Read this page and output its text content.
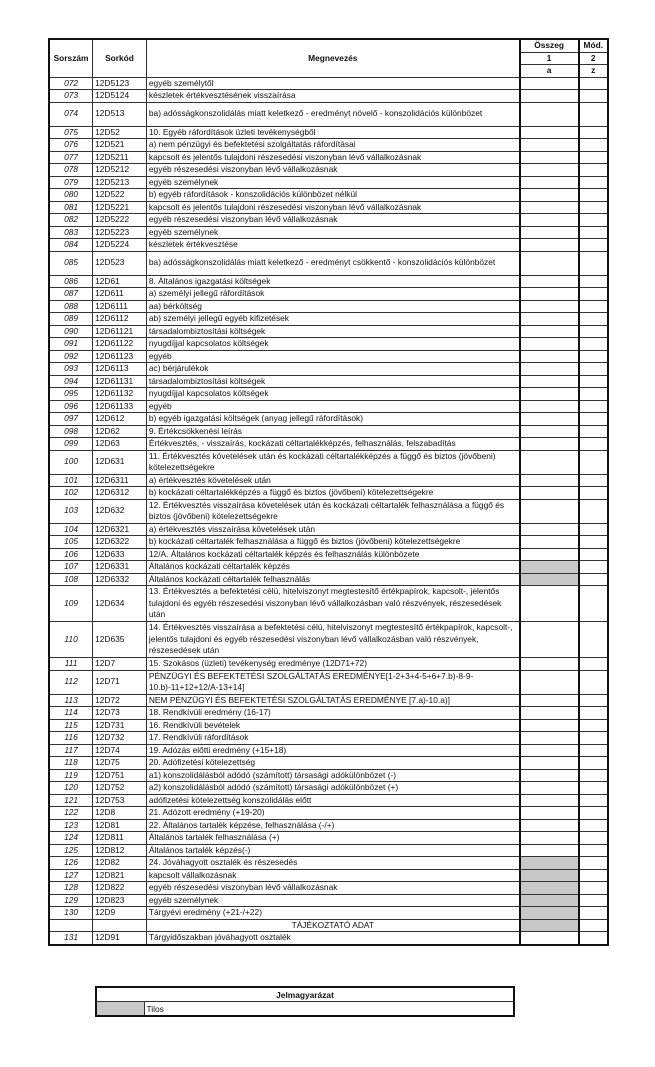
Sorszám	Sorkód	Megnevezés	Összeg	Mód.
			1	2
			a	z
072	12D5123	egyéb személytől		
073	12D5124	készletek értékvesztésének visszaírása		
074	12D513	ba) adósságkonszolidálás miatt keletkező - eredményt növelő - konszolidációs különbözet		
075	12D52	10. Egyéb ráfordítások üzleti tevékenységből		
076	12D521	a) nem pénzügyi és befektetési szolgáltatás ráfordításai		
077	12D5211	kapcsolt és jelentős tulajdoni részesedési viszonyban lévő vállalkozásnak		
078	12D5212	egyéb részesedési viszonyban lévő vállalkozásnak		
079	12D5213	egyéb személynek		
080	12D522	b) egyéb ráfordítások - konszolidációs különbözet nélkül		
081	12D5221	kapcsolt és jelentős tulajdoni részesedési viszonyban lévő vállalkozásnak		
082	12D5222	egyéb részesedési viszonyban lévő vállalkozásnak		
083	12D5223	egyéb személynek		
084	12D5224	készletek értékvesztése		
085	12D523	ba) adósságkonszolidálás miatt keletkező - eredményt csökkentő - konszolidációs különbözet		
086	12D61	8. Általános igazgatási költségek		
087	12D611	a) személyi jellegű ráfordítások		
088	12D6111	aa) bérköltség		
089	12D6112	ab) személyi jellegű egyéb kifizetések		
090	12D61121	társadalombiztosítási költségek		
091	12D61122	nyugdíjjal kapcsolatos költségek		
092	12D61123	egyéb		
093	12D6113	ac) bérjárulékok		
094	12D61131	társadalombiztosítási költségek		
095	12D61132	nyugdíjjal kapcsolatos költségek		
096	12D61133	egyéb		
097	12D612	b) egyéb igazgatási költségek (anyag jellegű ráfordítások)		
098	12D62	9. Értékcsökkenési leírás		
099	12D63	Értékvesztés, - visszaírás, kockázati céltartalékképzés, felhasználás, felszabadítás		
100	12D631	11. Értékvesztés követelések után és kockázati céltartalékképzés a függő és biztos (jövőbeni) kötelezettségekre		
101	12D6311	a) értékvesztés követelések után		
102	12D6312	b) kockázati céltartalékképzés a függő és biztos (jövőbeni) kötelezettségekre		
103	12D632	12. Értékvesztés visszaírása követelések után és kockázati céltartalék felhasználása a függő és biztos (jövőbeni) kötelezettségekre		
104	12D6321	a) értékvesztés visszaírása követelések után		
105	12D6322	b) kockázati céltartalék felhasználása a függő és biztos (jövőbeni) kötelezettségekre		
106	12D633	12/A. Általános kockázati céltartalék képzés és felhasználás különbözete		
107	12D6331	Általános kockázati céltartalék képzés		
108	12D6332	Általános kockázati céltartalék felhasználás		
109	12D634	13. Értékvesztés a befektetési célú, hitelviszonyt megtestesítő értékpapírok, kapcsolt-, jelentős tulajdoni és egyéb részesedési viszonyban lévő vállalkozásban való részvények, részesedések után		
110	12D635	14. Értékvesztés visszaírása a befektetési célú, hitelviszonyt megtestesítő értékpapírok, kapcsolt-, jelentős tulajdoni és egyéb részesedési viszonyban lévő vállalkozásban való részvények, részesedések után		
111	12D7	15. Szokásos (üzleti) tevékenység eredménye (12D71+72)		
112	12D71	PÉNZÜGYI ÉS BEFEKTETÉSI SZOLGÁLTATÁS EREDMÉNYE[1-2+3+4-5+6+7.b)-8-9-10.b)-11+12+12/A-13+14]		
113	12D72	NEM PÉNZÜGYI ÉS BEFEKTETÉSI SZOLGÁLTATÁS EREDMÉNYE [7.a)-10.a)]		
114	12D73	18. Rendkívüli eredmény (16-17)		
115	12D731	16. Rendkívüli bevételek		
116	12D732	17. Rendkívüli ráfordítások		
117	12D74	19. Adózás előtti eredmény (+15+18)		
118	12D75	20. Adófizetési kötelezettség		
119	12D751	a1) konszolidálásból adódó (számított) társasági adókülönbözet (-)		
120	12D752	a2) konszolidálásból adódó (számított) társasági adókülönbözet (+)		
121	12D753	adófizetési kötelezettség konszolidálás előtt		
122	12D8	21. Adózott eredmény (+19-20)		
123	12D81	22. Általános tartalék képzése, felhasználása (-/+)		
124	12D811	Általános tartalék felhasználása (+)		
125	12D812	Általános tartalék képzés(-)		
126	12D82	24. Jóváhagyott osztalék és részesedés		
127	12D821	kapcsolt vállalkozásnak		
128	12D822	egyéb részesedési viszonyban lévő vállalkozásnak		
129	12D823	egyéb személynek		
130	12D9	Tárgyévi eredmény (+21-/+22)		
		TÁJÉKOZTATÓ ADAT		
131	12D91	Tárgyidőszakban jóváhagyott osztalék		
Jelmagyarázat
	Tilos
